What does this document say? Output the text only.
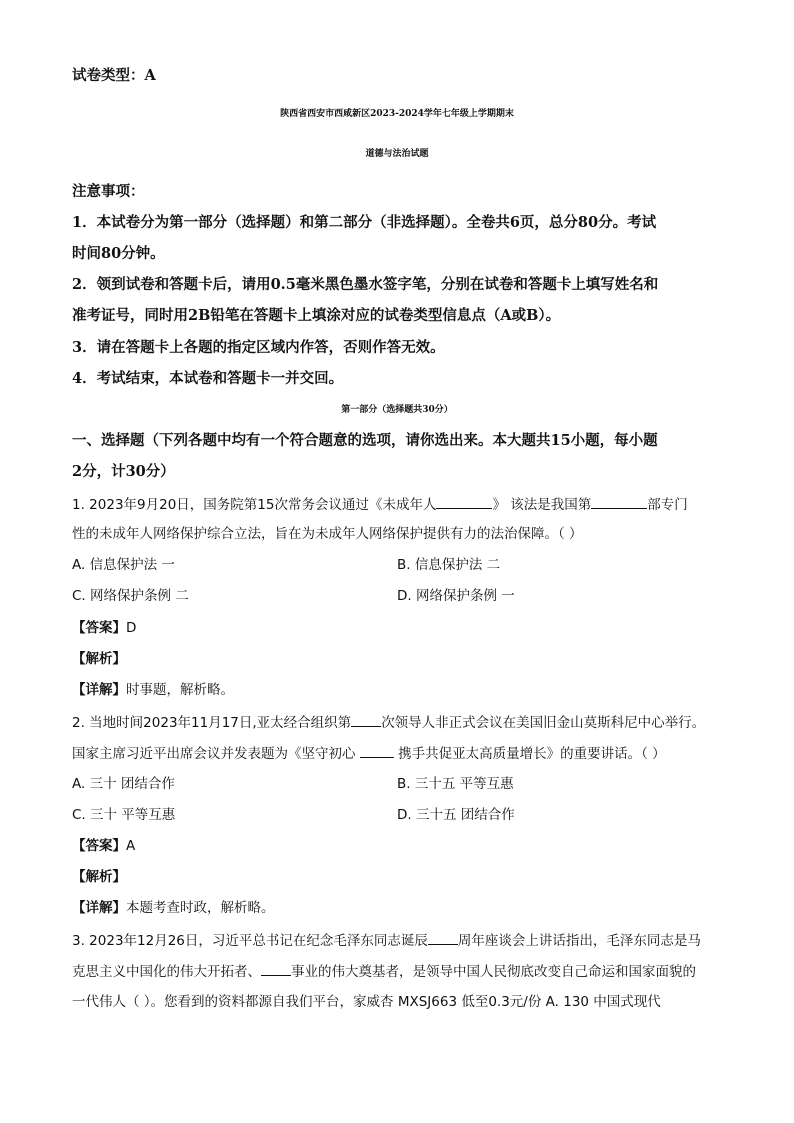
试卷类型：A
陕西省西安市西咸新区2023-2024学年七年级上学期期末
道德与法治试题
注意事项：
1．本试卷分为第一部分（选择题）和第二部分（非选择题）。全卷共6页，总分80分。考试
时间80分钟。
2．领到试卷和答题卡后，请用0.5毫米黑色墨水签字笔，分别在试卷和答题卡上填写姓名和
准考证号，同时用2B铅笔在答题卡上填涂对应的试卷类型信息点（A或B）。
3．请在答题卡上各题的指定区域内作答，否则作答无效。
4．考试结束，本试卷和答题卡一并交回。
第一部分（选择题共30分）
一、选择题（下列各题中均有一个符合题意的选项，请你选出来。本大题共15小题，每小题
2分，计30分）
1. 2023年9月20日，国务院第15次常务会议通过《未成年人	》 该法是我国第	部专门
性的未成年人网络保护综合立法，旨在为未成年人网络保护提供有力的法治保障。（ ）
A. 信息保护法 一	B. 信息保护法 二
C. 网络保护条例 二	D. 网络保护条例 一
【答案】D
【解析】
【详解】时事题，解析略。
2. 当地时间2023年11月17日,亚太经合组织第 次领导人非正式会议在美国旧金山莫斯科尼中心举行。
国家主席习近平出席会议并发表题为《坚守初心	携手共促亚太高质量增长》的重要讲话。（ ）
A. 三十 团结合作	B. 三十五 平等互惠
C. 三十 平等互惠	D. 三十五 团结合作
【答案】A
【解析】
【详解】本题考查时政，解析略。
3. 2023年12月26日，习近平总书记在纪念毛泽东同志诞辰 周年座谈会上讲话指出，毛泽东同志是马
克思主义中国化的伟大开拓者、 事业的伟大奠基者，是领导中国人民彻底改变自己命运和国家面貌的
一代伟人（ ）。您看到的资料都源自我们平台，家威杏 MXSJ663 低至0.3元/份 A. 130 中国式现代
